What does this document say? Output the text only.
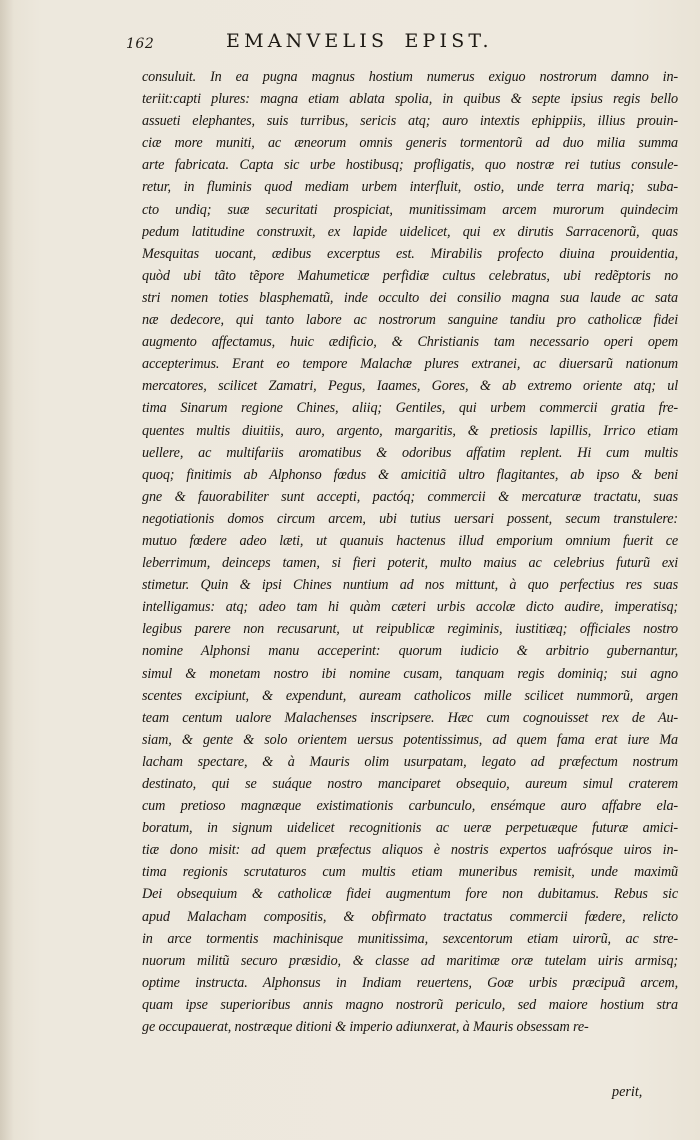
162	EMANVELIS EPIST.
consuluit. In ea pugna magnus hostium numerus exiguo nostrorum damno in-
teriit:capti plures: magna etiam ablata spolia, in quibus & septe ipsius regis bello
assueti elephantes, suis turribus, sericis atq; auro intextis ephippiis, illius prouin-
ciæ more muniti, ac æneorum omnis generis tormentorũ ad duo milia summa
arte fabricata. Capta sic urbe hostibusq; profligatis, quo nostræ rei tutius consule-
retur, in fluminis quod mediam urbem interfluit, ostio, unde terra mariq; suba-
cto undiq; suæ securitati prospiciat, munitissimam arcem murorum quindecim
pedum latitudine construxit, ex lapide uidelicet, qui ex dirutis Sarracenorũ, quas
Mesquitas uocant, ædibus excerptus est. Mirabilis profecto diuina prouidentia,
quòd ubi tãto tẽpore Mahumeticæ perfidiæ cultus celebratus, ubi redẽptoris no
stri nomen toties blasphematũ, inde occulto dei consilio magna sua laude ac sata
næ dedecore, qui tanto labore ac nostrorum sanguine tandiu pro catholicæ fidei
augmento affectamus, huic ædificio, & Christianis tam necessario operi opem
accepterimus. Erant eo tempore Malachæ plures extranei, ac diuersarũ nationum
mercatores, scilicet Zamatri, Pegus, Iaames, Gores, & ab extremo oriente atq; ul
tima Sinarum regione Chines, aliiq; Gentiles, qui urbem commercii gratia fre-
quentes multis diuitiis, auro, argento, margaritis, & pretiosis lapillis, Irrico etiam
uellere, ac multifariis aromatibus & odoribus affatim replent. Hi cum multis
quoq; finitimis ab Alphonso fœdus & amicitiã ultro flagitantes, ab ipso & beni
gne & fauorabiliter sunt accepti, pactóq; commercii & mercaturæ tractatu, suas
negotiationis domos circum arcem, ubi tutius uersari possent, secum transtulere:
mutuo fœdere adeo læti, ut quanuis hactenus illud emporium omnium fuerit ce
leberrimum, deinceps tamen, si fieri poterit, multo maius ac celebrius futurũ exi
stimetur. Quin & ipsi Chines nuntium ad nos mittunt, à quo perfectius res suas
intelligamus: atq; adeo tam hi quàm cæteri urbis accolæ dicto audire, imperatisq;
legibus parere non recusarunt, ut reipublicæ regiminis, iustitiæq; officiales nostro
nomine Alphonsi manu acceperint: quorum iudicio & arbitrio gubernantur,
simul & monetam nostro ibi nomine cusam, tanquam regis dominiq; sui agno
scentes excipiunt, & expendunt, auream catholicos mille scilicet nummorũ, argen
team centum ualore Malachenses inscripsere. Hæc cum cognouisset rex de Au-
siam, & gente & solo orientem uersus potentissimus, ad quem fama erat iure Ma
lacham spectare, & à Mauris olim usurpatam, legato ad præfectum nostrum
destinato, qui se suáque nostro manciparet obsequio, aureum simul craterem
cum pretioso magnæque existimationis carbunculo, ensémque auro affabre ela-
boratum, in signum uidelicet recognitionis ac ueræ perpetuæque futuræ amici-
tiæ dono misit: ad quem præfectus aliquos è nostris expertos uafrósque uiros in-
tima regionis scrutaturos cum multis etiam muneribus remisit, unde maximũ
Dei obsequium & catholicæ fidei augmentum fore non dubitamus. Rebus sic
apud Malacham compositis, & obfirmato tractatus commercii fœdere, relicto
in arce tormentis machinisque munitissima, sexcentorum etiam uirorũ, ac stre-
nuorum militũ securo præsidio, & classe ad maritimæ oræ tutelam uiris armisq;
optime instructa. Alphonsus in Indiam reuertens, Goæ urbis præcipuã arcem,
quam ipse superioribus annis magno nostrorũ periculo, sed maiore hostium stra
ge occupauerat, nostræque ditioni & imperio adiunxerat, à Mauris obsessam re-
perit,
